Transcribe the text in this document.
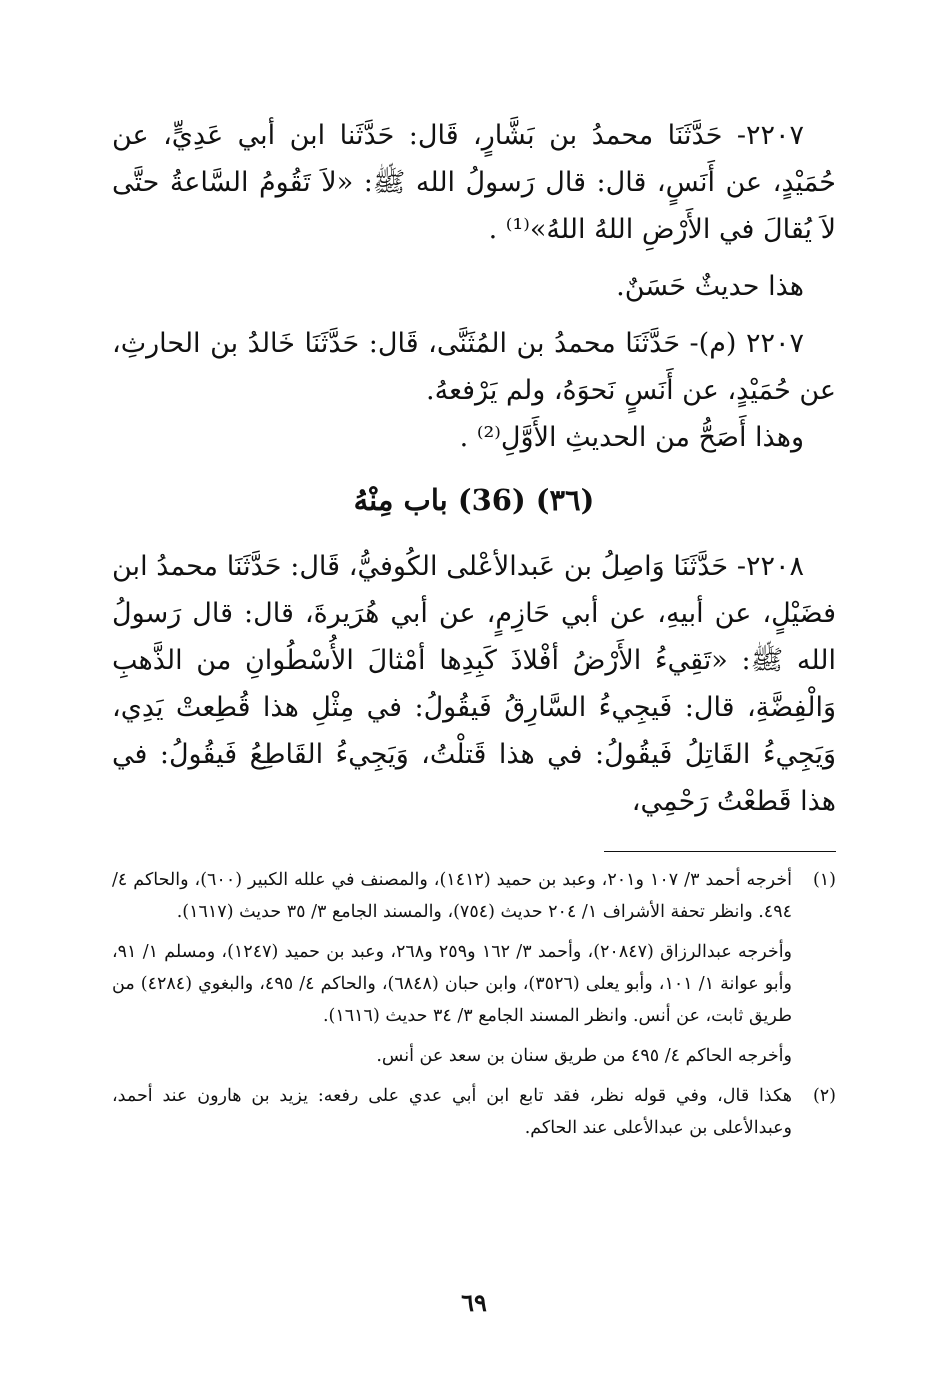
٢٢٠٧- حَدَّثَنَا محمدُ بن بَشَّارٍ، قَال: حَدَّثَنا ابن أبي عَدِيٍّ، عن حُمَيْدٍ، عن أَنَسٍ، قال: قال رَسولُ الله ﷺ: «لاَ تَقُومُ السَّاعةُ حتَّى لاَ يُقالَ في الأَرْضِ اللهُ اللهُ»⁽¹⁾ .

هذا حديثٌ حَسَنٌ.

٢٢٠٧ (م)- حَدَّثَنَا محمدُ بن المُثَنَّى، قَال: حَدَّثَنَا خَالدُ بن الحارثِ، عن حُمَيْدٍ، عن أَنَسٍ نَحوَهُ، ولم يَرْفعهُ.

وهذا أَصَحُّ من الحديثِ الأَوَّلِ⁽²⁾ .

(٣٦) (36) باب مِنْهُ

٢٢٠٨- حَدَّثَنَا وَاصِلُ بن عَبدالأعْلى الكُوفيُّ، قَال: حَدَّثَنَا محمدُ ابن فضَيْلٍ، عن أبيهِ، عن أبي حَازِمٍ، عن أبي هُرَيرةَ، قال: قال رَسولُ الله ﷺ: «تَقِيءُ الأَرْضُ أفْلاذَ كَبِدِها أمْثالَ الأُسْطُوانِ من الذَّهبِ وَالْفِضَّةِ، قال: فَيجِيءُ السَّارِقُ فَيقُولُ: في مِثْلِ هذا قُطِعتْ يَدِي، وَيَجِيءُ القَاتِلُ فَيقُولُ: في هذا قَتلْتُ، وَيَجِيءُ القَاطِعُ فَيقُولُ: في هذا قَطعْتُ رَحْمِي،

(١)
أخرجه أحمد ٣/ ١٠٧ و٢٠١، وعبد بن حميد (١٤١٢)، والمصنف في علله الكبير (٦٠٠)، والحاكم ٤/ ٤٩٤. وانظر تحفة الأشراف ١/ ٢٠٤ حديث (٧٥٤)، والمسند الجامع ٣/ ٣٥ حديث (١٦١٧).
وأخرجه عبدالرزاق (٢٠٨٤٧)، وأحمد ٣/ ١٦٢ و٢٥٩ و٢٦٨، وعبد بن حميد (١٢٤٧)، ومسلم ١/ ٩١، وأبو عوانة ١/ ١٠١، وأبو يعلى (٣٥٢٦)، وابن حبان (٦٨٤٨)، والحاكم ٤/ ٤٩٥، والبغوي (٤٢٨٤) من طريق ثابت، عن أنس. وانظر المسند الجامع ٣/ ٣٤ حديث (١٦١٦).
وأخرجه الحاكم ٤/ ٤٩٥ من طريق سنان بن سعد عن أنس.
(٢)
هكذا قال، وفي قوله نظر، فقد تابع ابن أبي عدي على رفعه: يزيد بن هارون عند أحمد، وعبدالأعلى بن عبدالأعلى عند الحاكم.
٦٩
